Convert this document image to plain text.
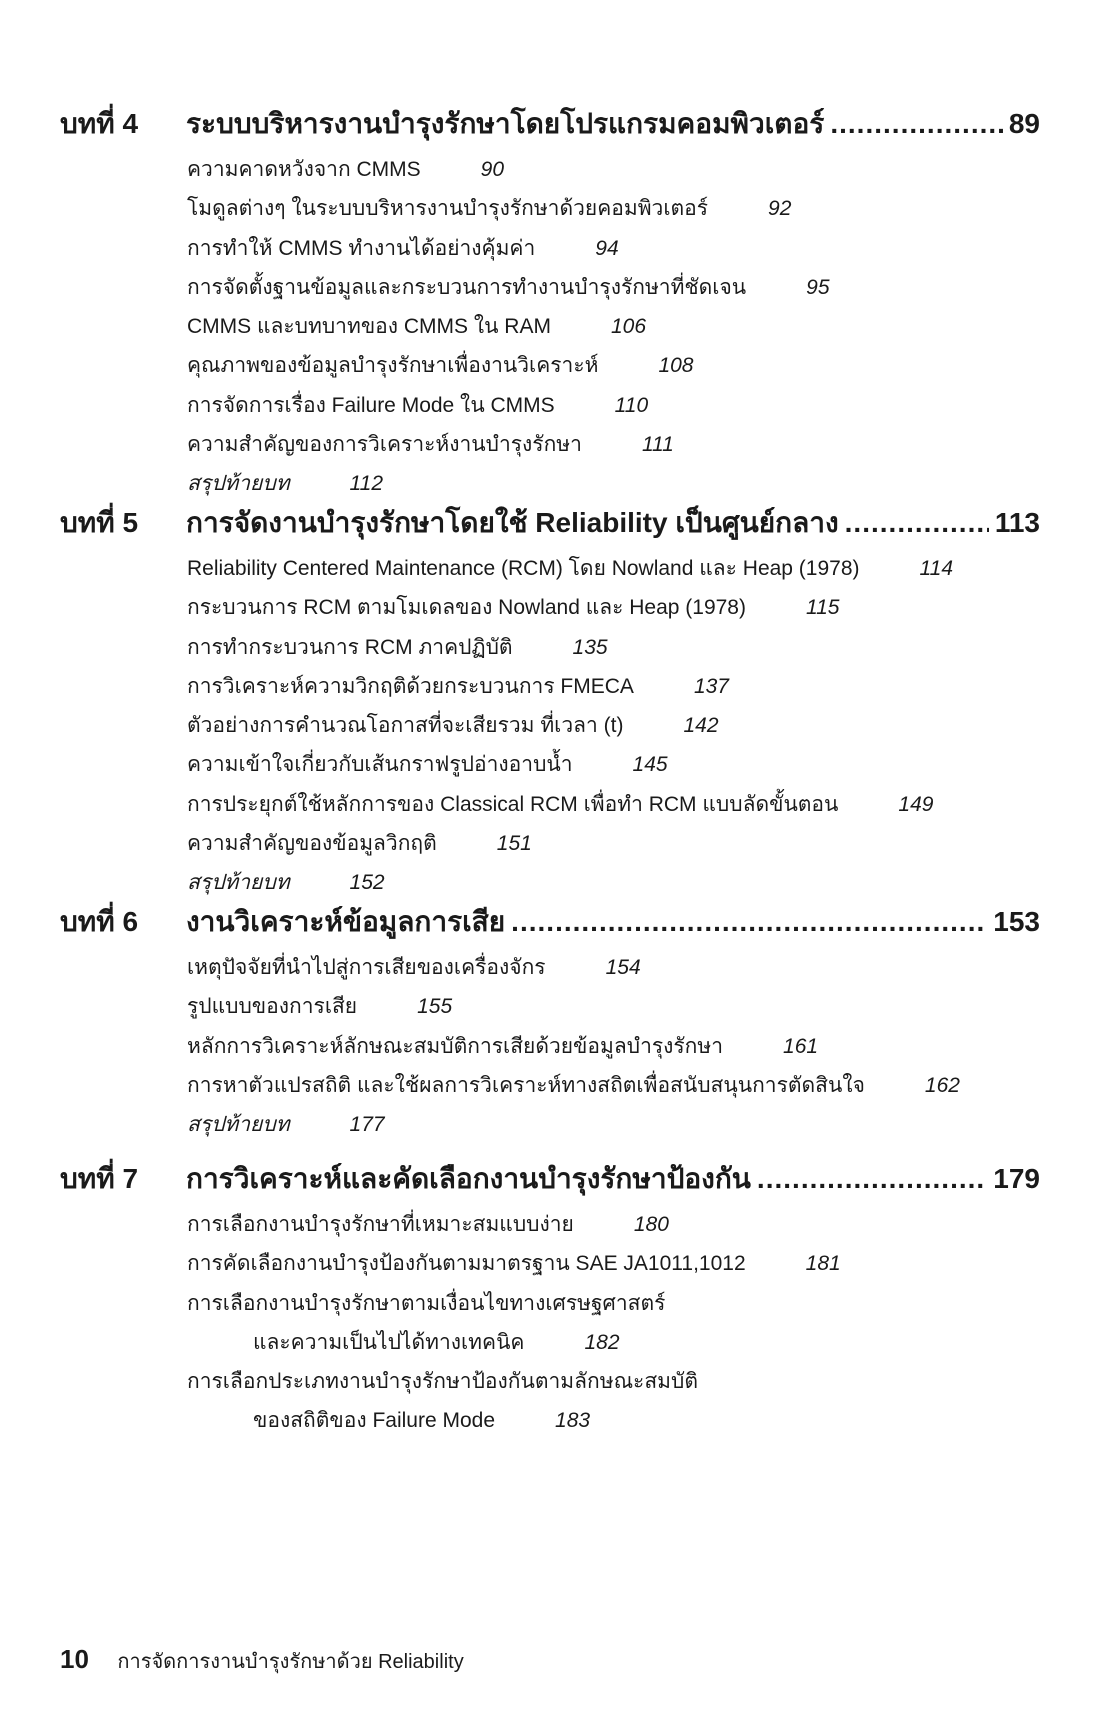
บทที่ 4 ระบบบริหารงานบำรุงรักษาโดยโปรแกรมคอมพิวเตอร์ .....	89
ความคาดหวังจาก CMMS	90
โมดูลต่างๆ ในระบบบริหารงานบำรุงรักษาด้วยคอมพิวเตอร์	92
การทำให้ CMMS ทำงานได้อย่างคุ้มค่า	94
การจัดตั้งฐานข้อมูลและกระบวนการทำงานบำรุงรักษาที่ชัดเจน	95
CMMS และบทบาทของ CMMS ใน RAM	106
คุณภาพของข้อมูลบำรุงรักษาเพื่องานวิเคราะห์	108
การจัดการเรื่อง Failure Mode ใน CMMS	110
ความสำคัญของการวิเคราะห์งานบำรุงรักษา	111
สรุปท้ายบท	112
บทที่ 5 การจัดงานบำรุงรักษาโดยใช้ Reliability เป็นศูนย์กลาง .....	113
Reliability Centered Maintenance (RCM) โดย Nowland และ Heap (1978)	114
กระบวนการ RCM ตามโมเดลของ Nowland และ Heap (1978)	115
การทำกระบวนการ RCM ภาคปฏิบัติ	135
การวิเคราะห์ความวิกฤติด้วยกระบวนการ FMECA	137
ตัวอย่างการคำนวณโอกาสที่จะเสียรวม ที่เวลา (t)	142
ความเข้าใจเกี่ยวกับเส้นกราฟรูปอ่างอาบน้ำ	145
การประยุกต์ใช้หลักการของ Classical RCM เพื่อทำ RCM แบบลัดขั้นตอน	149
ความสำคัญของข้อมูลวิกฤติ	151
สรุปท้ายบท	152
บทที่ 6 งานวิเคราะห์ข้อมูลการเสีย .....	153
เหตุปัจจัยที่นำไปสู่การเสียของเครื่องจักร	154
รูปแบบของการเสีย	155
หลักการวิเคราะห์ลักษณะสมบัติการเสียด้วยข้อมูลบำรุงรักษา	161
การหาตัวแปรสถิติ และใช้ผลการวิเคราะห์ทางสถิตเพื่อสนับสนุนการตัดสินใจ	162
สรุปท้ายบท	177
บทที่ 7 การวิเคราะห์และคัดเลือกงานบำรุงรักษาป้องกัน .....	179
การเลือกงานบำรุงรักษาที่เหมาะสมแบบง่าย	180
การคัดเลือกงานบำรุงป้องกันตามมาตรฐาน SAE JA1011,1012	181
การเลือกงานบำรุงรักษาตามเงื่อนไขทางเศรษฐศาสตร์
และความเป็นไปได้ทางเทคนิค	182
การเลือกประเภทงานบำรุงรักษาป้องกันตามลักษณะสมบัติ
ของสถิติของ Failure Mode	183
10 การจัดการงานบำรุงรักษาด้วย Reliability
